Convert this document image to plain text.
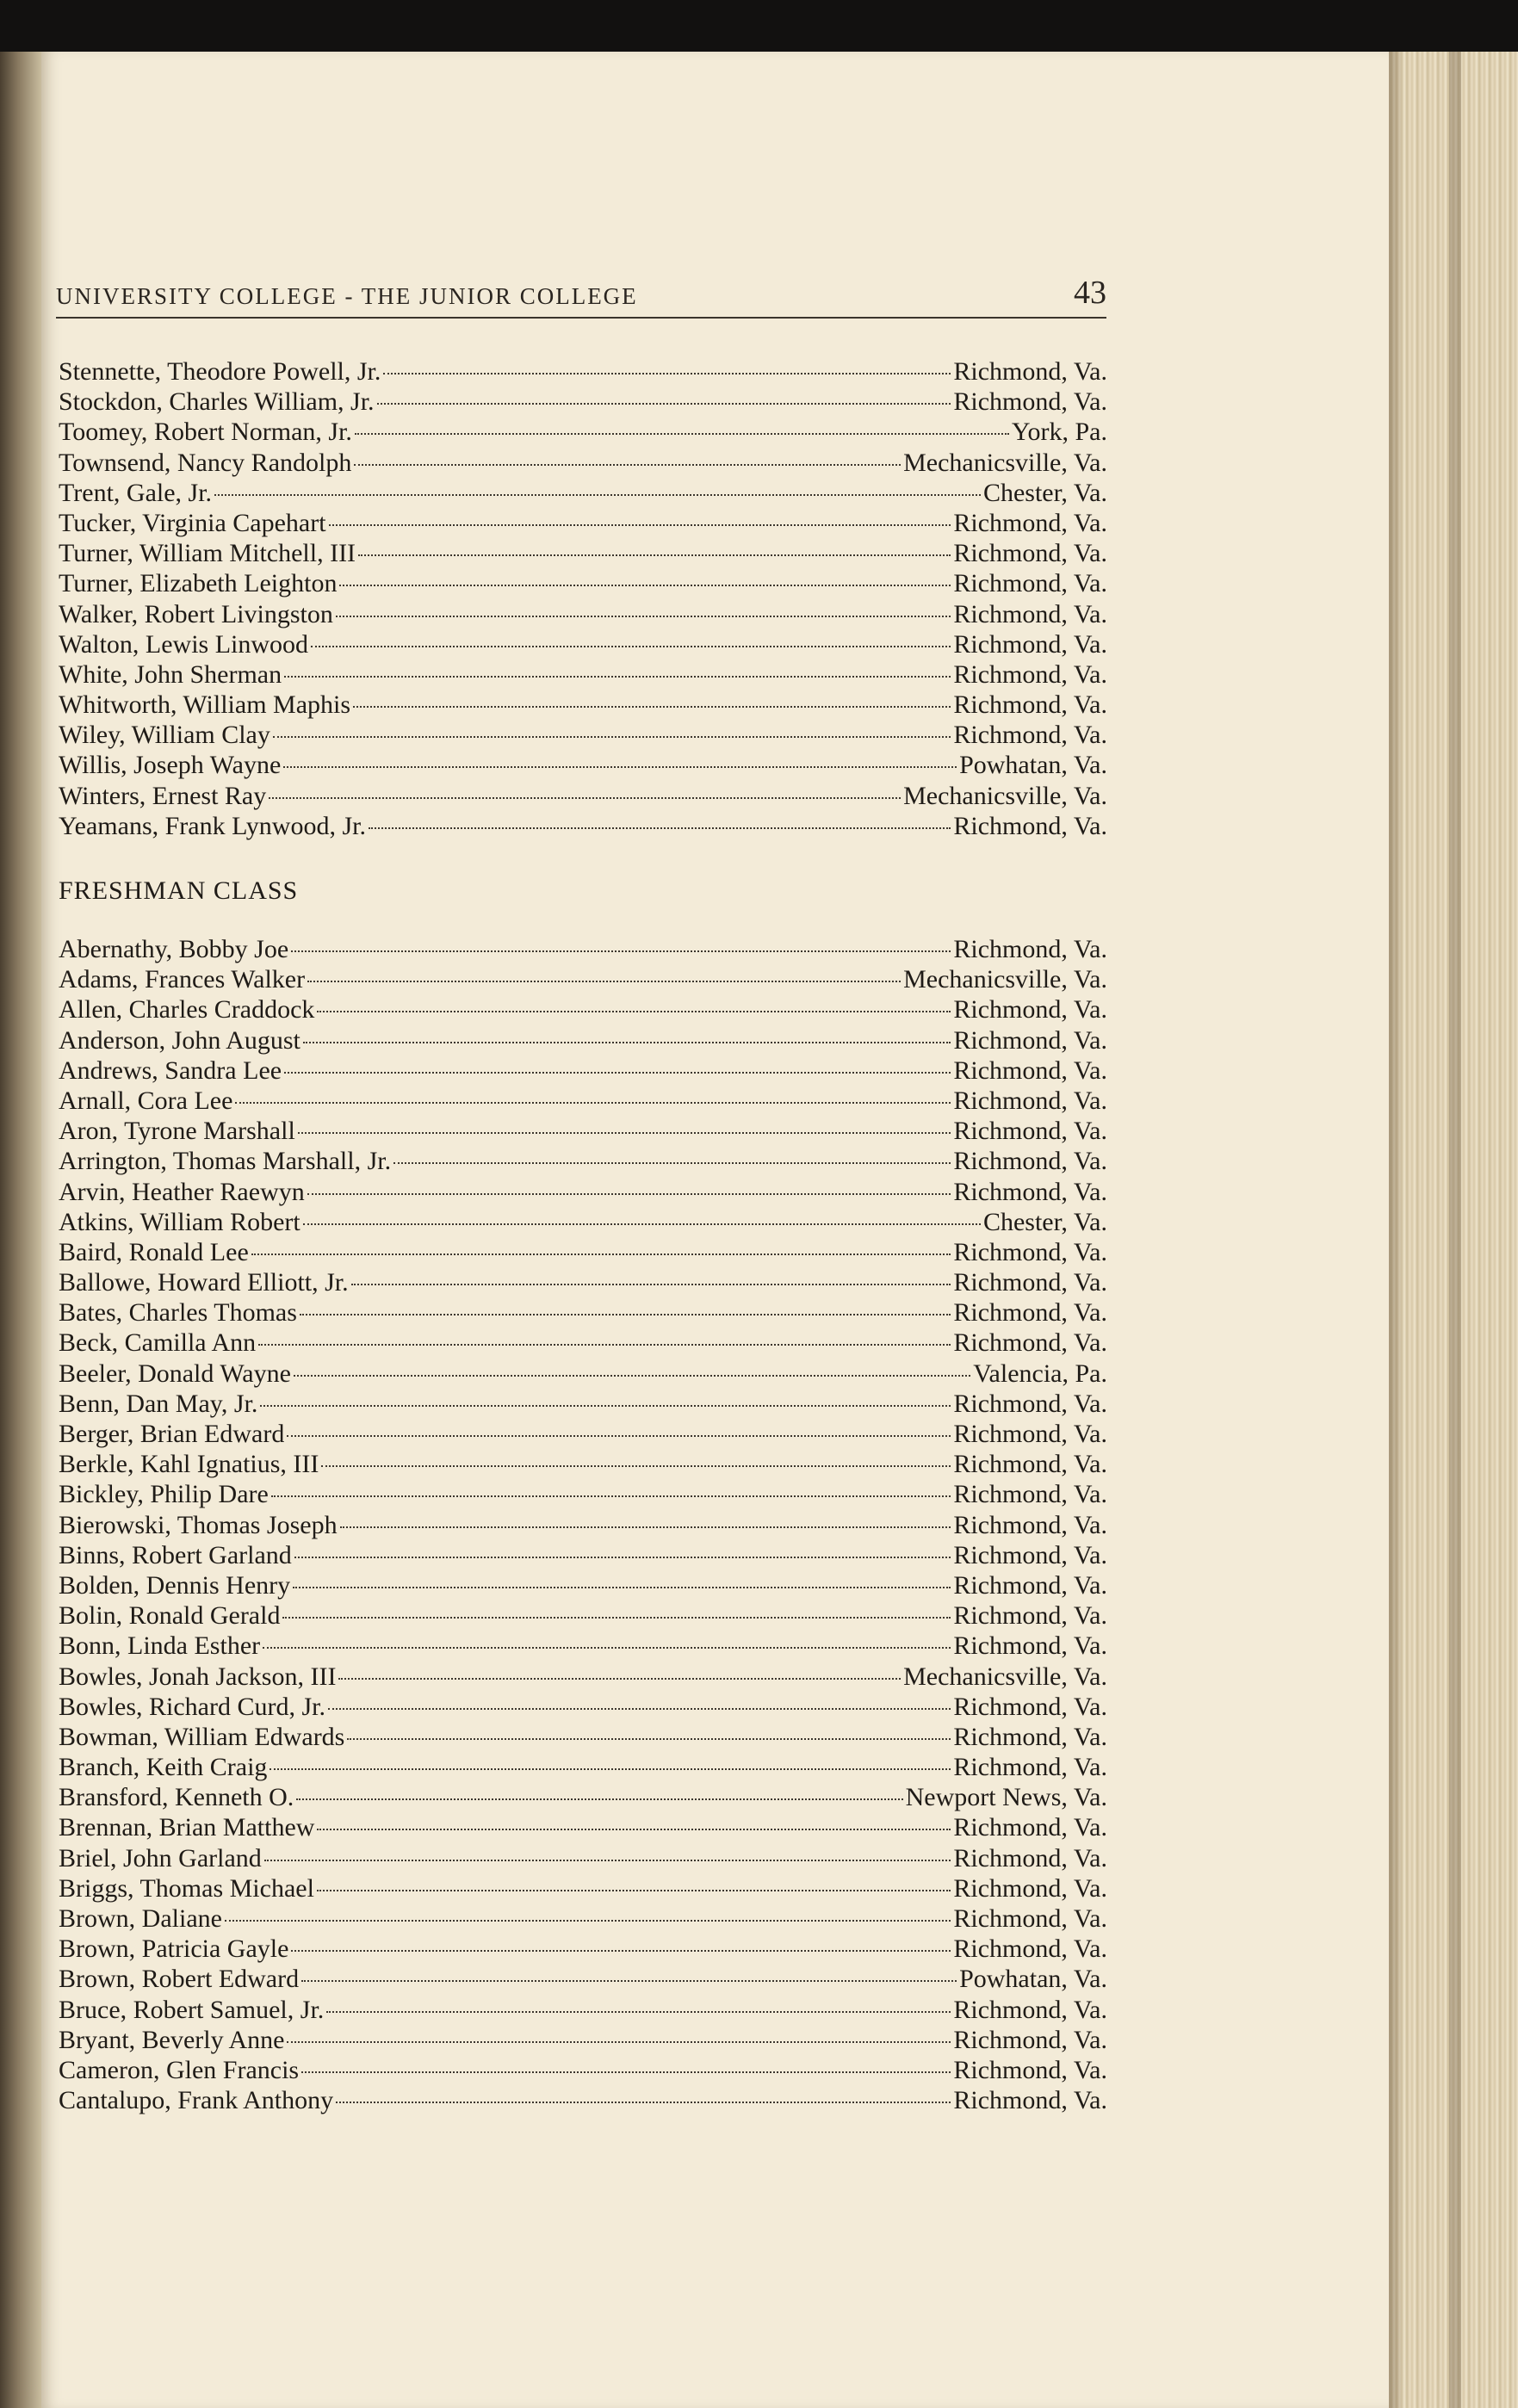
UNIVERSITY COLLEGE - THE JUNIOR COLLEGE	43
Stennette, Theodore Powell, Jr.	Richmond, Va.
Stockdon, Charles William, Jr.	Richmond, Va.
Toomey, Robert Norman, Jr.	York, Pa.
Townsend, Nancy Randolph	Mechanicsville, Va.
Trent, Gale, Jr.	Chester, Va.
Tucker, Virginia Capehart	Richmond, Va.
Turner, William Mitchell, III	Richmond, Va.
Turner, Elizabeth Leighton	Richmond, Va.
Walker, Robert Livingston	Richmond, Va.
Walton, Lewis Linwood	Richmond, Va.
White, John Sherman	Richmond, Va.
Whitworth, William Maphis	Richmond, Va.
Wiley, William Clay	Richmond, Va.
Willis, Joseph Wayne	Powhatan, Va.
Winters, Ernest Ray	Mechanicsville, Va.
Yeamans, Frank Lynwood, Jr.	Richmond, Va.
FRESHMAN CLASS
Abernathy, Bobby Joe	Richmond, Va.
Adams, Frances Walker	Mechanicsville, Va.
Allen, Charles Craddock	Richmond, Va.
Anderson, John August	Richmond, Va.
Andrews, Sandra Lee	Richmond, Va.
Arnall, Cora Lee	Richmond, Va.
Aron, Tyrone Marshall	Richmond, Va.
Arrington, Thomas Marshall, Jr.	Richmond, Va.
Arvin, Heather Raewyn	Richmond, Va.
Atkins, William Robert	Chester, Va.
Baird, Ronald Lee	Richmond, Va.
Ballowe, Howard Elliott, Jr.	Richmond, Va.
Bates, Charles Thomas	Richmond, Va.
Beck, Camilla Ann	Richmond, Va.
Beeler, Donald Wayne	Valencia, Pa.
Benn, Dan May, Jr.	Richmond, Va.
Berger, Brian Edward	Richmond, Va.
Berkle, Kahl Ignatius, III	Richmond, Va.
Bickley, Philip Dare	Richmond, Va.
Bierowski, Thomas Joseph	Richmond, Va.
Binns, Robert Garland	Richmond, Va.
Bolden, Dennis Henry	Richmond, Va.
Bolin, Ronald Gerald	Richmond, Va.
Bonn, Linda Esther	Richmond, Va.
Bowles, Jonah Jackson, III	Mechanicsville, Va.
Bowles, Richard Curd, Jr.	Richmond, Va.
Bowman, William Edwards	Richmond, Va.
Branch, Keith Craig	Richmond, Va.
Bransford, Kenneth O.	Newport News, Va.
Brennan, Brian Matthew	Richmond, Va.
Briel, John Garland	Richmond, Va.
Briggs, Thomas Michael	Richmond, Va.
Brown, Daliane	Richmond, Va.
Brown, Patricia Gayle	Richmond, Va.
Brown, Robert Edward	Powhatan, Va.
Bruce, Robert Samuel, Jr.	Richmond, Va.
Bryant, Beverly Anne	Richmond, Va.
Cameron, Glen Francis	Richmond, Va.
Cantalupo, Frank Anthony	Richmond, Va.
